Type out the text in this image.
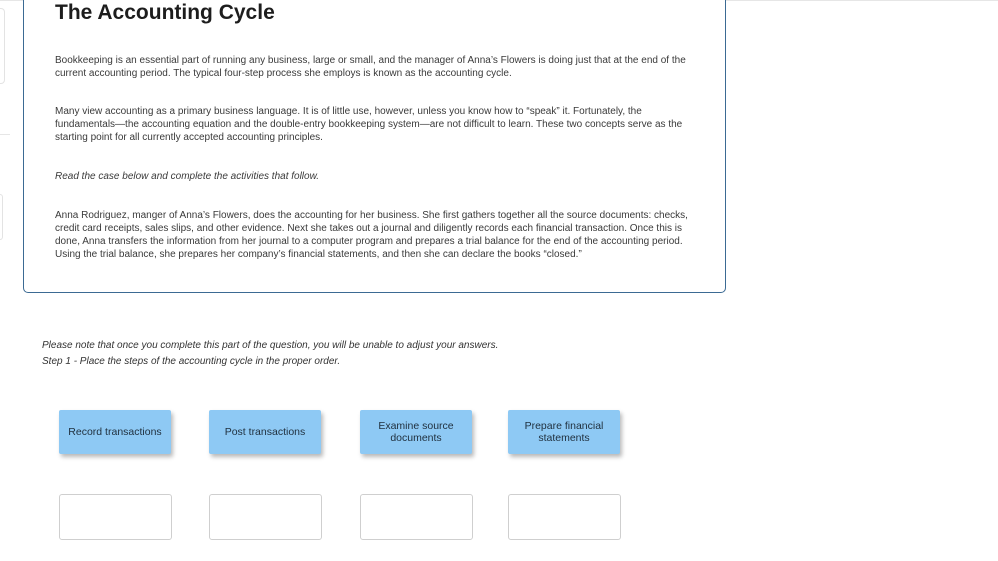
The Accounting Cycle

Bookkeeping is an essential part of running any business, large or small, and the manager of Anna’s Flowers is doing just that at the end of the current accounting period. The typical four-step process she employs is known as the accounting cycle.

Many view accounting as a primary business language. It is of little use, however, unless you know how to “speak” it. Fortunately, the fundamentals—the accounting equation and the double-entry bookkeeping system—are not difficult to learn. These two concepts serve as the starting point for all currently accepted accounting principles.

Read the case below and complete the activities that follow.

Anna Rodriguez, manger of Anna’s Flowers, does the accounting for her business. She first gathers together all the source documents: checks, credit card receipts, sales slips, and other evidence. Next she takes out a journal and diligently records each financial transaction. Once this is done, Anna transfers the information from her journal to a computer program and prepares a trial balance for the end of the accounting period. Using the trial balance, she prepares her company’s financial statements, and then she can declare the books “closed.”

Please note that once you complete this part of the question, you will be unable to adjust your answers.

Step 1 - Place the steps of the accounting cycle in the proper order.

Record transactions	Post transactions	Examine source documents
Prepare financial statements
